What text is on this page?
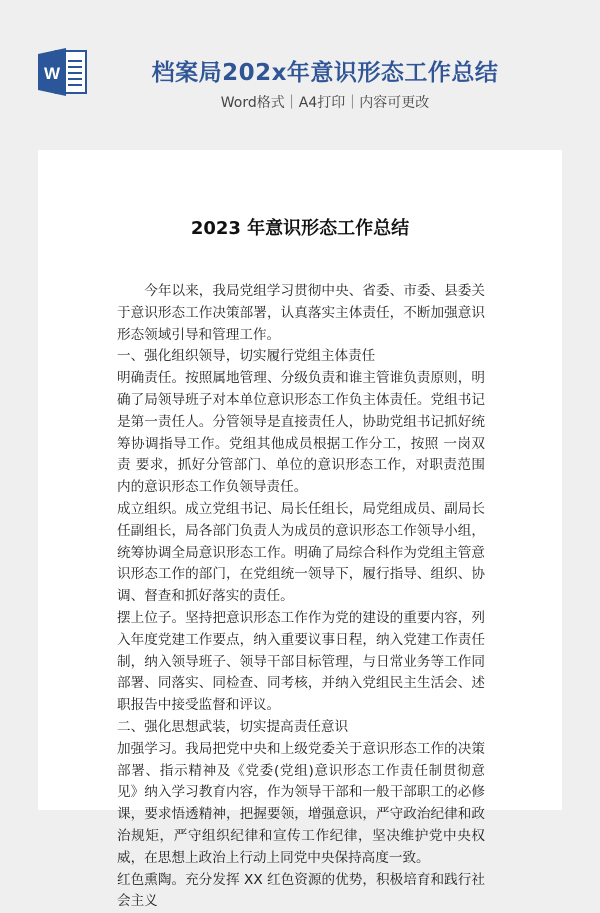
W	档案局202x年意识形态工作总结
Word格式｜A4打印｜内容可更改
2023 年意识形态工作总结

今年以来，我局党组学习贯彻中央、省委、市委、县委关于意识形态工作决策部署，认真落实主体责任，不断加强意识形态领域引导和管理工作。

一、强化组织领导，切实履行党组主体责任

明确责任。按照属地管理、分级负责和谁主管谁负责原则，明确了局领导班子对本单位意识形态工作负主体责任。党组书记是第一责任人。分管领导是直接责任人，协助党组书记抓好统筹协调指导工作。党组其他成员根据工作分工，按照 一岗双责 要求，抓好分管部门、单位的意识形态工作，对职责范围内的意识形态工作负领导责任。

成立组织。成立党组书记、局长任组长，局党组成员、副局长任副组长，局各部门负责人为成员的意识形态工作领导小组，统筹协调全局意识形态工作。明确了局综合科作为党组主管意识形态工作的部门，在党组统一领导下，履行指导、组织、协调、督查和抓好落实的责任。

摆上位子。坚持把意识形态工作作为党的建设的重要内容，列入年度党建工作要点，纳入重要议事日程，纳入党建工作责任制，纳入领导班子、领导干部目标管理，与日常业务等工作同部署、同落实、同检查、同考核，并纳入党组民主生活会、述职报告中接受监督和评议。

二、强化思想武装，切实提高责任意识

加强学习。我局把党中央和上级党委关于意识形态工作的决策部署、指示精神及《党委(党组)意识形态工作责任制贯彻意见》纳入学习教育内容，作为领导干部和一般干部职工的必修课，要求悟透精神，把握要领，增强意识，严守政治纪律和政治规矩，严守组织纪律和宣传工作纪律，坚决维护党中央权威，在思想上政治上行动上同党中央保持高度一致。

红色熏陶。充分发挥 XX 红色资源的优势，积极培育和践行社会主义
